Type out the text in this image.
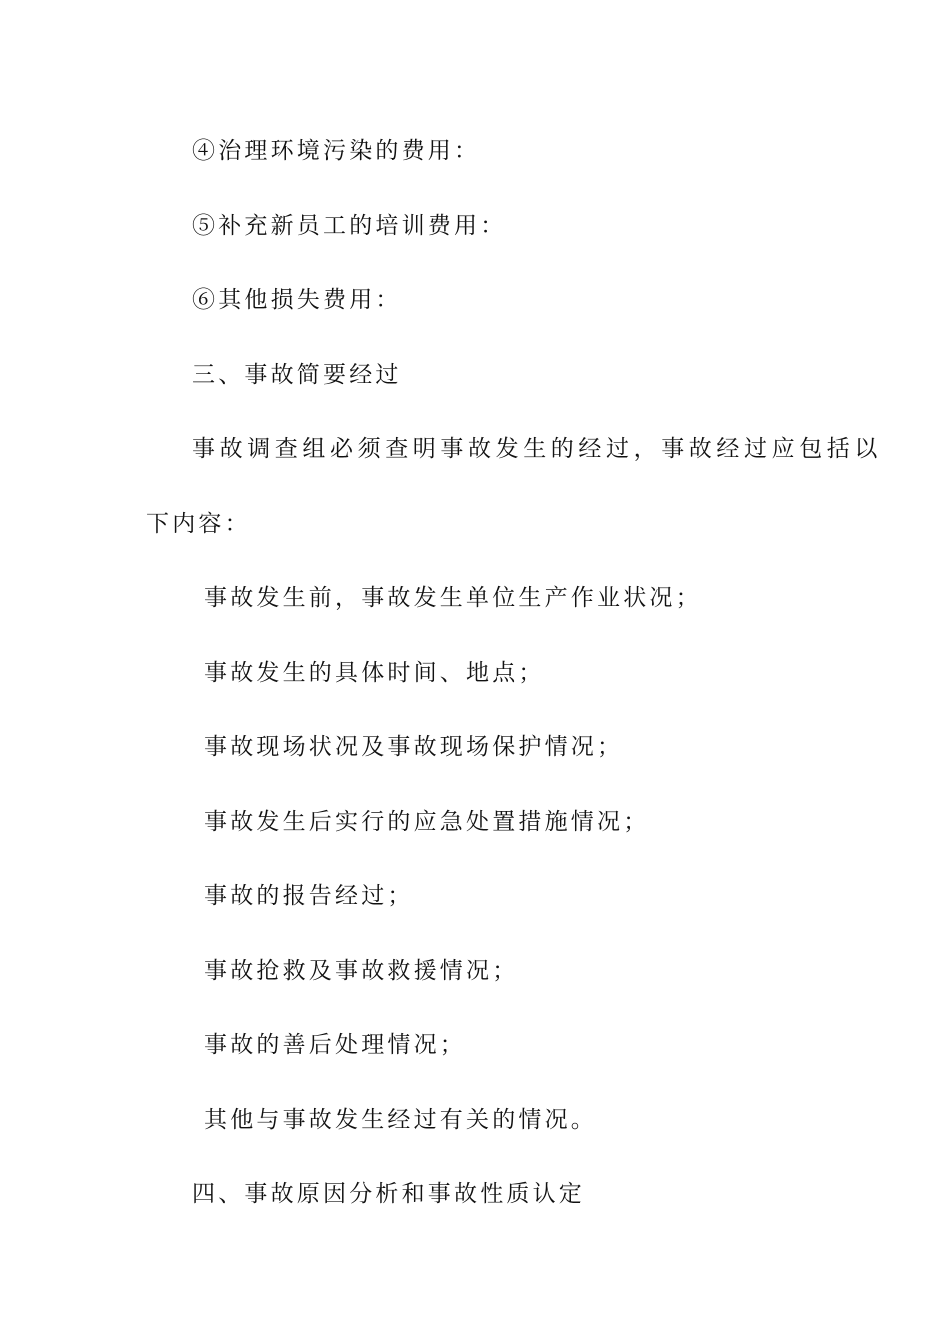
④治理环境污染的费用：
⑤补充新员工的培训费用：
⑥其他损失费用：
三、事故简要经过
事故调查组必须查明事故发生的经过，事故经过应包括以
下内容：
事故发生前，事故发生单位生产作业状况；
事故发生的具体时间、地点；
事故现场状况及事故现场保护情况；
事故发生后实行的应急处置措施情况；
事故的报告经过；
事故抢救及事故救援情况；
事故的善后处理情况；
其他与事故发生经过有关的情况。
四、事故原因分析和事故性质认定
